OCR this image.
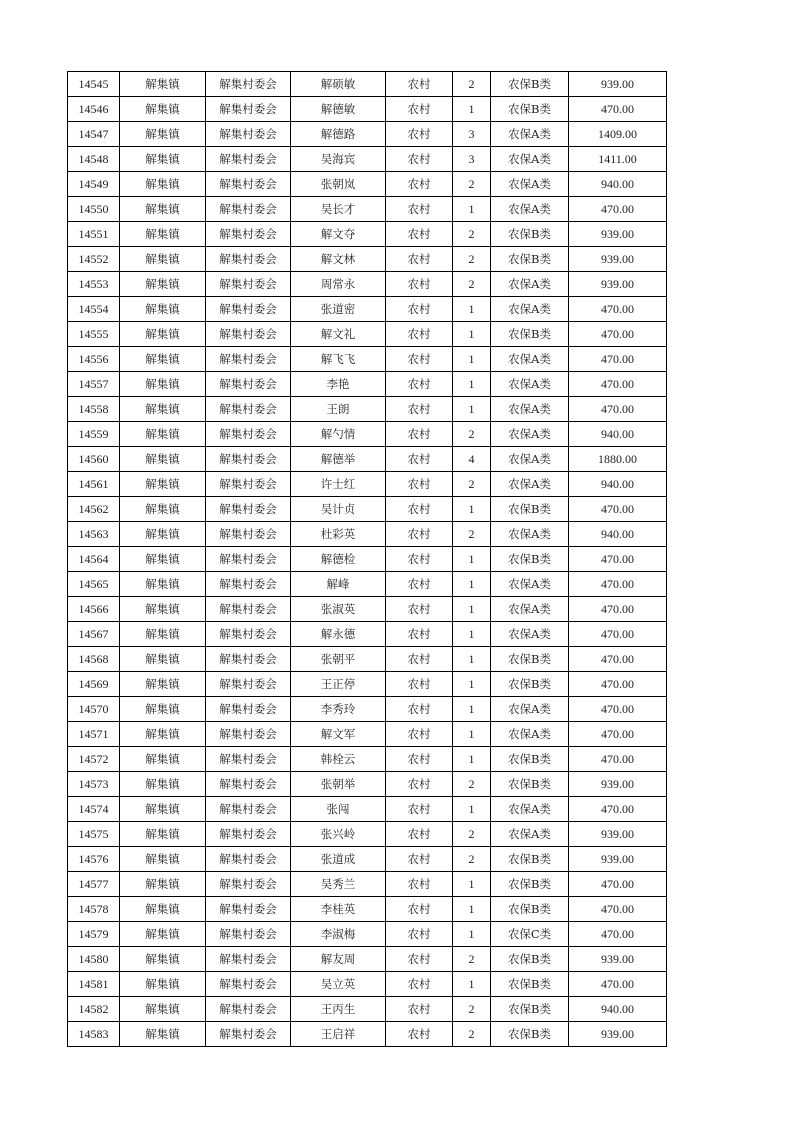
14545	解集镇	解集村委会	解硕敏	农村	2	农保B类	939.00
14546	解集镇	解集村委会	解德敏	农村	1	农保B类	470.00
14547	解集镇	解集村委会	解德路	农村	3	农保A类	1409.00
14548	解集镇	解集村委会	吴海宾	农村	3	农保A类	1411.00
14549	解集镇	解集村委会	张朝岚	农村	2	农保A类	940.00
14550	解集镇	解集村委会	吴长才	农村	1	农保A类	470.00
14551	解集镇	解集村委会	解文夺	农村	2	农保B类	939.00
14552	解集镇	解集村委会	解文林	农村	2	农保B类	939.00
14553	解集镇	解集村委会	周常永	农村	2	农保A类	939.00
14554	解集镇	解集村委会	张道密	农村	1	农保A类	470.00
14555	解集镇	解集村委会	解文礼	农村	1	农保B类	470.00
14556	解集镇	解集村委会	解飞飞	农村	1	农保A类	470.00
14557	解集镇	解集村委会	李艳	农村	1	农保A类	470.00
14558	解集镇	解集村委会	王朗	农村	1	农保A类	470.00
14559	解集镇	解集村委会	解勺情	农村	2	农保A类	940.00
14560	解集镇	解集村委会	解德举	农村	4	农保A类	1880.00
14561	解集镇	解集村委会	许士红	农村	2	农保A类	940.00
14562	解集镇	解集村委会	吴计贞	农村	1	农保B类	470.00
14563	解集镇	解集村委会	杜彩英	农村	2	农保A类	940.00
14564	解集镇	解集村委会	解德检	农村	1	农保B类	470.00
14565	解集镇	解集村委会	解峰	农村	1	农保A类	470.00
14566	解集镇	解集村委会	张淑英	农村	1	农保A类	470.00
14567	解集镇	解集村委会	解永德	农村	1	农保A类	470.00
14568	解集镇	解集村委会	张朝平	农村	1	农保B类	470.00
14569	解集镇	解集村委会	王正停	农村	1	农保B类	470.00
14570	解集镇	解集村委会	李秀玲	农村	1	农保A类	470.00
14571	解集镇	解集村委会	解文军	农村	1	农保A类	470.00
14572	解集镇	解集村委会	韩栓云	农村	1	农保B类	470.00
14573	解集镇	解集村委会	张朝举	农村	2	农保B类	939.00
14574	解集镇	解集村委会	张闯	农村	1	农保A类	470.00
14575	解集镇	解集村委会	张兴岭	农村	2	农保A类	939.00
14576	解集镇	解集村委会	张道成	农村	2	农保B类	939.00
14577	解集镇	解集村委会	吴秀兰	农村	1	农保B类	470.00
14578	解集镇	解集村委会	李桂英	农村	1	农保B类	470.00
14579	解集镇	解集村委会	李淑梅	农村	1	农保C类	470.00
14580	解集镇	解集村委会	解友周	农村	2	农保B类	939.00
14581	解集镇	解集村委会	吴立英	农村	1	农保B类	470.00
14582	解集镇	解集村委会	王丙生	农村	2	农保B类	940.00
14583	解集镇	解集村委会	王启祥	农村	2	农保B类	939.00
